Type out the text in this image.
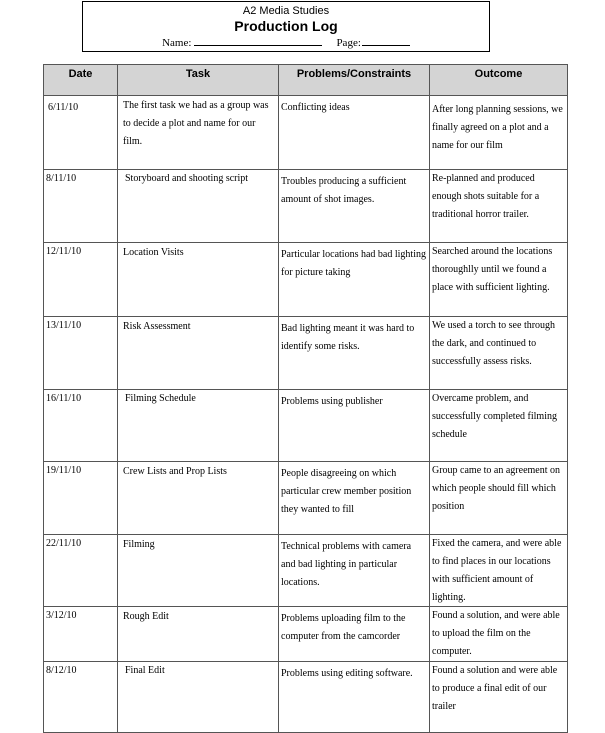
A2 Media Studies
Production Log
Name:	Page:
Date	Task	Problems/Constraints	Outcome

6/11/10	The first task we had as a group was to decide a plot and name for our film.	Conflicting ideas	After long planning sessions, we finally agreed on a plot and a name for our film

8/11/10	Storyboard and shooting script	Troubles producing a sufficient amount of shot images.	Re-planned and produced enough shots suitable for a traditional horror trailer.

12/11/10	Location Visits	Particular locations had bad lighting for picture taking	Searched around the locations thoroughlly until we found a place with sufficient lighting.

13/11/10	Risk Assessment	Bad lighting meant it was hard to identify some risks.	We used a torch to see through the dark, and continued to successfully assess risks.

16/11/10	Filming Schedule	Problems using publisher	Overcame problem, and successfully completed filming schedule

19/11/10	Crew Lists and Prop Lists	People disagreeing on which particular crew member position they wanted to fill	Group came to an agreement on which people should fill which position

22/11/10	Filming	Technical problems with camera and bad lighting in particular locations.	Fixed the camera, and were able to find places in our locations with sufficient amount of lighting.

3/12/10	Rough Edit	Problems uploading film to the computer from the camcorder	Found a solution, and were able to upload the film on the computer.

8/12/10	Final Edit	Problems using editing software.	Found a solution and were able to produce a final edit of our trailer
